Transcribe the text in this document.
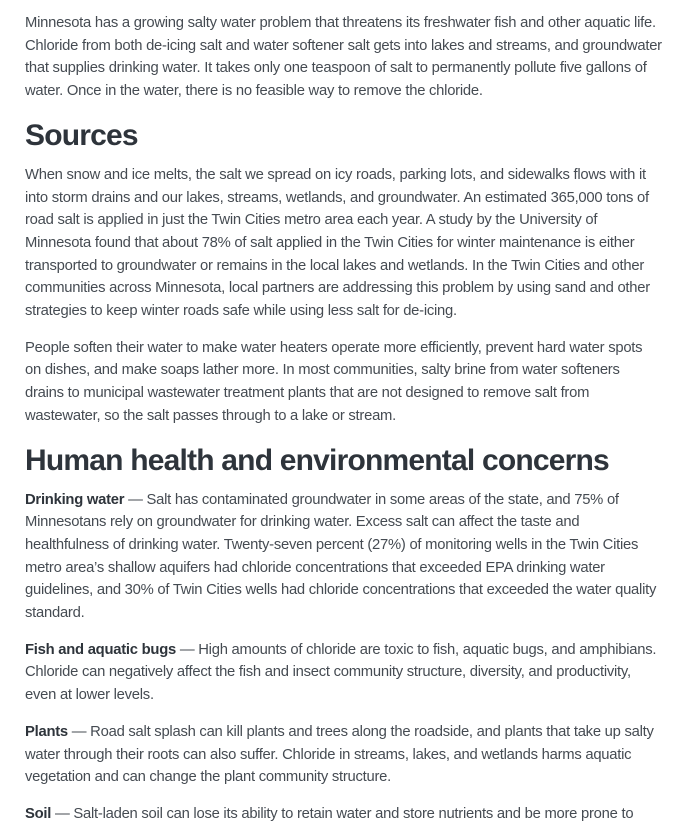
Minnesota has a growing salty water problem that threatens its freshwater fish and other aquatic life. Chloride from both de-icing salt and water softener salt gets into lakes and streams, and groundwater that supplies drinking water. It takes only one teaspoon of salt to permanently pollute five gallons of water. Once in the water, there is no feasible way to remove the chloride.

Sources

When snow and ice melts, the salt we spread on icy roads, parking lots, and sidewalks flows with it into storm drains and our lakes, streams, wetlands, and groundwater. An estimated 365,000 tons of road salt is applied in just the Twin Cities metro area each year. A study by the University of Minnesota found that about 78% of salt applied in the Twin Cities for winter maintenance is either transported to groundwater or remains in the local lakes and wetlands. In the Twin Cities and other communities across Minnesota, local partners are addressing this problem by using sand and other strategies to keep winter roads safe while using less salt for de-icing.

People soften their water to make water heaters operate more efficiently, prevent hard water spots on dishes, and make soaps lather more. In most communities, salty brine from water softeners drains to municipal wastewater treatment plants that are not designed to remove salt from wastewater, so the salt passes through to a lake or stream.

Human health and environmental concerns

Drinking water — Salt has contaminated groundwater in some areas of the state, and 75% of Minnesotans rely on groundwater for drinking water. Excess salt can affect the taste and healthfulness of drinking water. Twenty-seven percent (27%) of monitoring wells in the Twin Cities metro area’s shallow aquifers had chloride concentrations that exceeded EPA drinking water guidelines, and 30% of Twin Cities wells had chloride concentrations that exceeded the water quality standard.

Fish and aquatic bugs — High amounts of chloride are toxic to fish, aquatic bugs, and amphibians. Chloride can negatively affect the fish and insect community structure, diversity, and productivity, even at lower levels.

Plants — Road salt splash can kill plants and trees along the roadside, and plants that take up salty water through their roots can also suffer. Chloride in streams, lakes, and wetlands harms aquatic vegetation and can change the plant community structure.

Soil — Salt-laden soil can lose its ability to retain water and store nutrients and be more prone to
